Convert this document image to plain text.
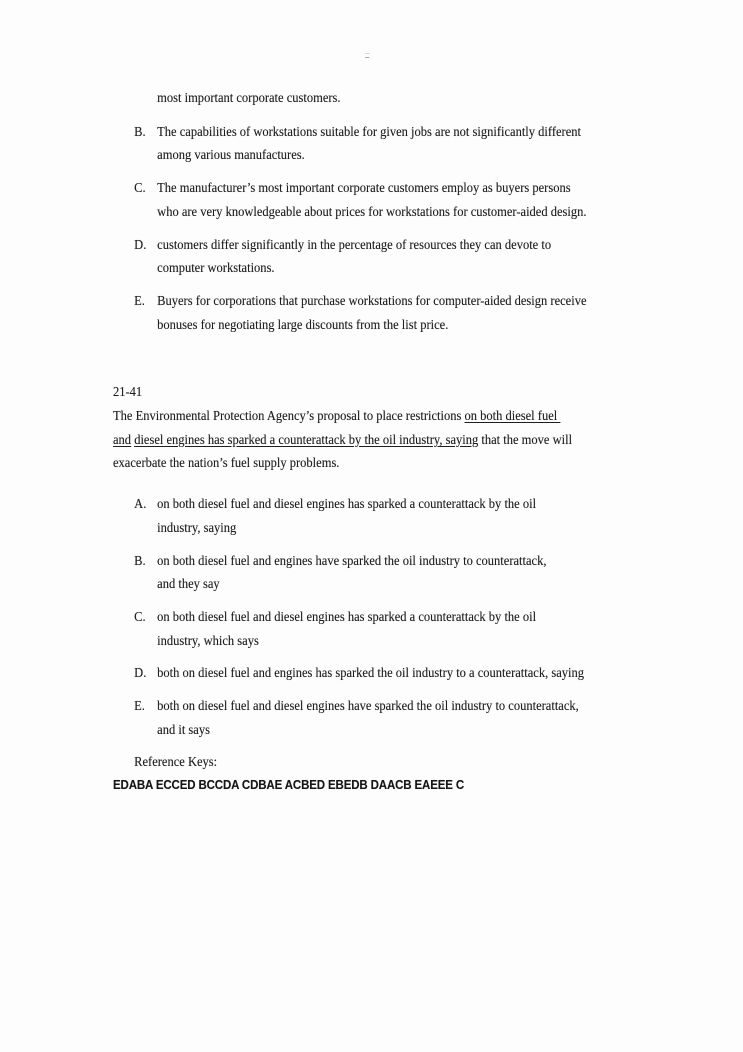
–
most important corporate customers.
B. The capabilities of workstations suitable for given jobs are not significantly different
among various manufactures.
C. The manufacturer’s most important corporate customers employ as buyers persons
who are very knowledgeable about prices for workstations for customer-aided design.
D. customers differ significantly in the percentage of resources they can devote to
computer workstations.
E. Buyers for corporations that purchase workstations for computer-aided design receive
bonuses for negotiating large discounts from the list price.
21-41
The Environmental Protection Agency’s proposal to place restrictions on both diesel fuel
and diesel engines has sparked a counterattack by the oil industry, saying that the move will
exacerbate the nation’s fuel supply problems.
A. on both diesel fuel and diesel engines has sparked a counterattack by the oil
industry, saying
B. on both diesel fuel and engines have sparked the oil industry to counterattack,
and they say
C. on both diesel fuel and diesel engines has sparked a counterattack by the oil
industry, which says
D. both on diesel fuel and engines has sparked the oil industry to a counterattack, saying
E. both on diesel fuel and diesel engines have sparked the oil industry to counterattack,
and it says
Reference Keys:
EDABA ECCED BCCDA CDBAE ACBED EBEDB DAACB EAEEE C
